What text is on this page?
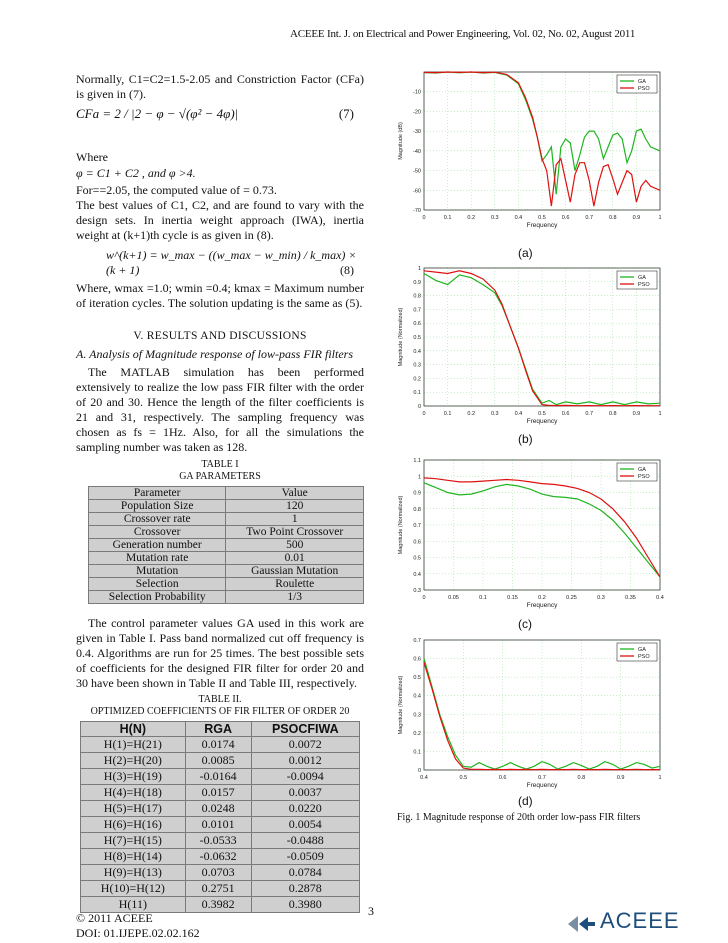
ACEEE Int. J. on Electrical and Power Engineering, Vol. 02, No. 02, August 2011

Normally, C1=C2=1.5-2.05 and Constriction Factor (CFa) is given in (7).

CFa = 2 / |2 − φ − √(φ² − 4φ)|	(7)
Where
φ = C1 + C2 , and φ >4.
For==2.05, the computed value of = 0.73.

The best values of C1, C2, and are found to vary with the design sets. In inertia weight approach (IWA), inertia weight at (k+1)th cycle is as given in (8).

w^(k+1) = w_max − ((w_max − w_min) / k_max) × (k + 1)	(8)

Where, wmax =1.0; wmin =0.4; kmax = Maximum number of iteration cycles. The solution updating is the same as (5).

V. RESULTS AND DISCUSSIONS
A. Analysis of Magnitude response of low-pass FIR filters

The MATLAB simulation has been performed extensively to realize the low pass FIR filter with the order of 20 and 30. Hence the length of the filter coefficients is 21 and 31, respectively. The sampling frequency was chosen as fs = 1Hz. Also, for all the simulations the sampling number was taken as 128.

TABLE I
GA PARAMETERS
Parameter	Value
Population Size	120
Crossover rate	1
Crossover	Two Point Crossover
Generation number	500
Mutation rate	0.01
Mutation	Gaussian Mutation
Selection	Roulette
Selection Probability	1/3

The control parameter values GA used in this work are given in Table I. Pass band normalized cut off frequency is 0.4. Algorithms are run for 25 times. The best possible sets of coefficients for the designed FIR filter for order 20 and 30 have been shown in Table II and Table III, respectively.

TABLE II.
OPTIMIZED COEFFICIENTS OF FIR FILTER OF ORDER 20
H(N)	RGA	PSOCFIWA
H(1)=H(21)	0.0174	0.0072
H(2)=H(20)	0.0085	0.0012
H(3)=H(19)	-0.0164	-0.0094
H(4)=H(18)	0.0157	0.0037
H(5)=H(17)	0.0248	0.0220
H(6)=H(16)	0.0101	0.0054
H(7)=H(15)	-0.0533	-0.0488
H(8)=H(14)	-0.0632	-0.0509
H(9)=H(13)	0.0703	0.0784
H(10)=H(12)	0.2751	0.2878
H(11)	0.3982	0.3980
0	0.1	0.2	0.3	0.4	0.5	0.6	0.7	0.8	0.9	1
-10
-20
-30
-40
-50
-60
-70
Frequency
Magnitude (dB)
GA
PSO
(a)
0	0.1	0.2	0.3	0.4	0.5	0.6	0.7	0.8	0.9	1
0
0.1
0.2
0.3
0.4
0.5
0.6
0.7
0.8
0.9
1
Frequency
Magnitude (Normalized)
GA
PSO
(b)
0	0.05	0.1	0.15	0.2	0.25	0.3	0.35	0.4
0.3
0.4
0.5
0.6
0.7
0.8
0.9
1
1.1
Frequency
Magnitude (Normalized)
GA
PSO
(c)
0.4	0.5	0.6	0.7	0.8	0.9	1
0
0.1
0.2
0.3
0.4
0.5
0.6
0.7
Frequency
Magnitude (Normalized)
GA
PSO
(d)
Fig. 1 Magnitude response of 20th order low-pass FIR filters
3
© 2011 ACEEE
DOI: 01.IJEPE.02.02.162	ACEEE
